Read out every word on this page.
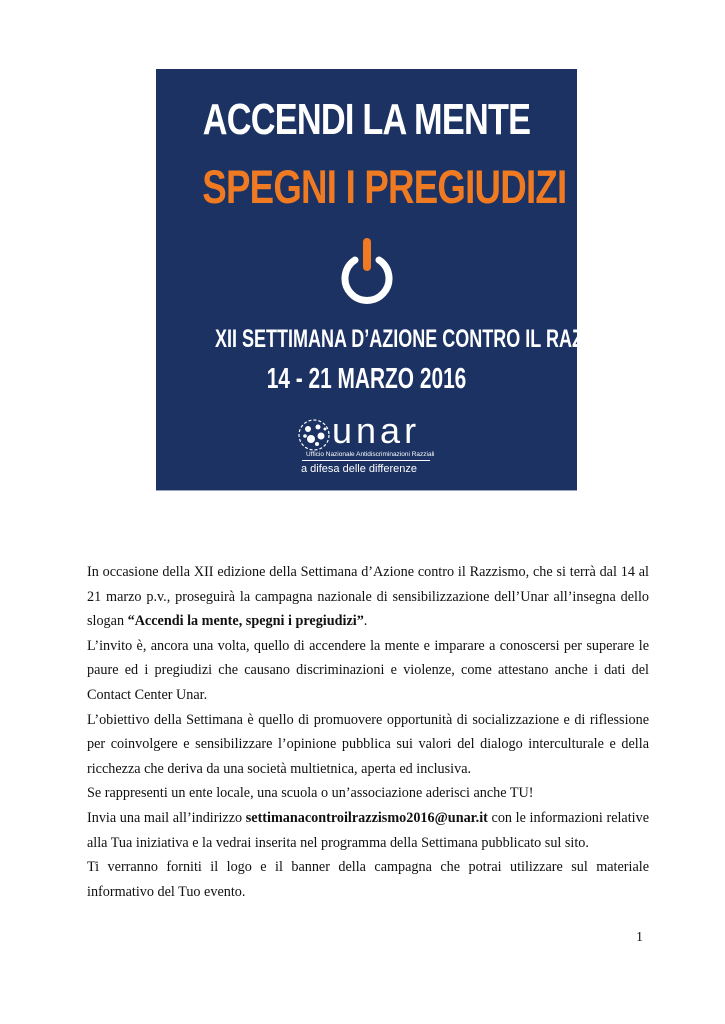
ACCENDI LA MENTE
SPEGNI I PREGIUDIZI
XII SETTIMANA D’AZIONE CONTRO IL RAZZISMO
14 - 21 MARZO 2016
unar
Ufficio Nazionale Antidiscriminazioni Razziali
a difesa delle differenze

In occasione della XII edizione della Settimana d’Azione contro il Razzismo, che si terrà dal 14 al 21 marzo p.v., proseguirà la campagna nazionale di sensibilizzazione dell’Unar all’insegna dello slogan “Accendi la mente, spegni i pregiudizi”.

L’invito è, ancora una volta, quello di accendere la mente e imparare a conoscersi per superare le paure ed i pregiudizi che causano discriminazioni e violenze, come attestano anche i dati del Contact Center Unar.

L’obiettivo della Settimana è quello di promuovere opportunità di socializzazione e di riflessione per coinvolgere e sensibilizzare l’opinione pubblica sui valori del dialogo interculturale e della ricchezza che deriva da una società multietnica, aperta ed inclusiva.

Se rappresenti un ente locale, una scuola o un’associazione aderisci anche TU!

Invia una mail all’indirizzo settimanacontroilrazzismo2016@unar.it con le informazioni relative alla Tua iniziativa e la vedrai inserita nel programma della Settimana pubblicato sul sito.

Ti verranno forniti il logo e il banner della campagna che potrai utilizzare sul materiale informativo del Tuo evento.

1
